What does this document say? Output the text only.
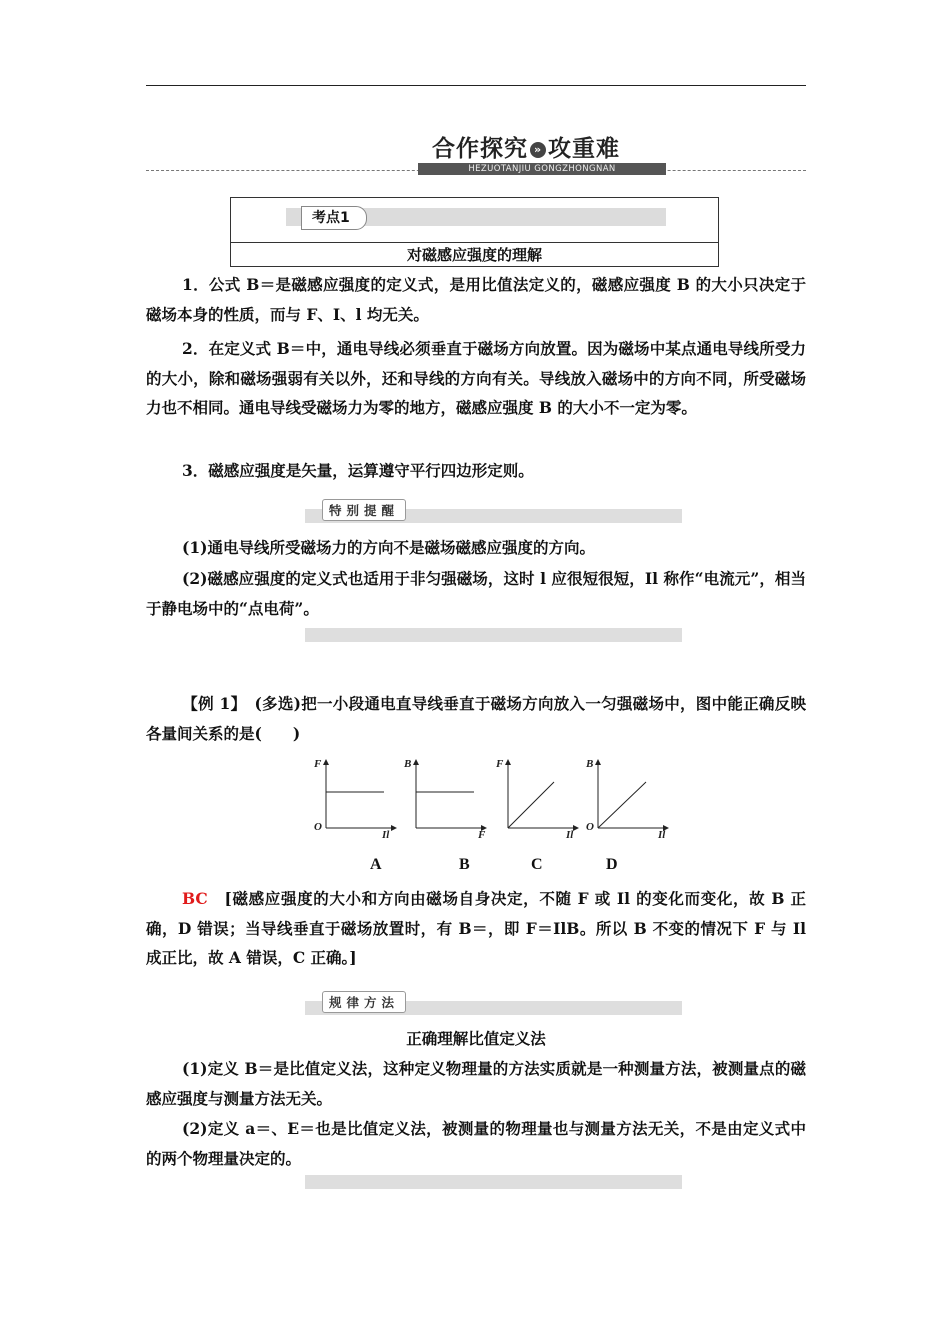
合作探究 » 攻重难
HEZUOTANJIU GONGZHONGNAN
考点1
对磁感应强度的理解
1．公式 B＝是磁感应强度的定义式，是用比值法定义的，磁感应强度 B 的大小只决定于磁场本身的性质，而与 F、I、l 均无关。
2．在定义式 B＝中，通电导线必须垂直于磁场方向放置。因为磁场中某点通电导线所受力的大小，除和磁场强弱有关以外，还和导线的方向有关。导线放入磁场中的方向不同，所受磁场力也不相同。通电导线受磁场力为零的地方，磁感应强度 B 的大小不一定为零。
3．磁感应强度是矢量，运算遵守平行四边形定则。
特别提醒
(1)通电导线所受磁场力的方向不是磁场磁感应强度的方向。
(2)磁感应强度的定义式也适用于非匀强磁场，这时 l 应很短很短，Il 称作“电流元”，相当于静电场中的“点电荷”。
【例 1】　 (多选)把一小段通电直导线垂直于磁场方向放入一匀强磁场中，图中能正确反映各量间关系的是(　　)
F
Il
O
B
F
F
Il
B
Il
O
A	B	C	D
BC　 [磁感应强度的大小和方向由磁场自身决定，不随 F 或 Il 的变化而变化，故 B 正确，D 错误；当导线垂直于磁场放置时，有 B＝，即 F＝IlB。所以 B 不变的情况下 F 与 Il 成正比，故 A 错误，C 正确。]
规律方法
正确理解比值定义法
(1)定义 B＝是比值定义法，这种定义物理量的方法实质就是一种测量方法，被测量点的磁感应强度与测量方法无关。
(2)定义 a＝、E＝也是比值定义法，被测量的物理量也与测量方法无关，不是由定义式中的两个物理量决定的。
